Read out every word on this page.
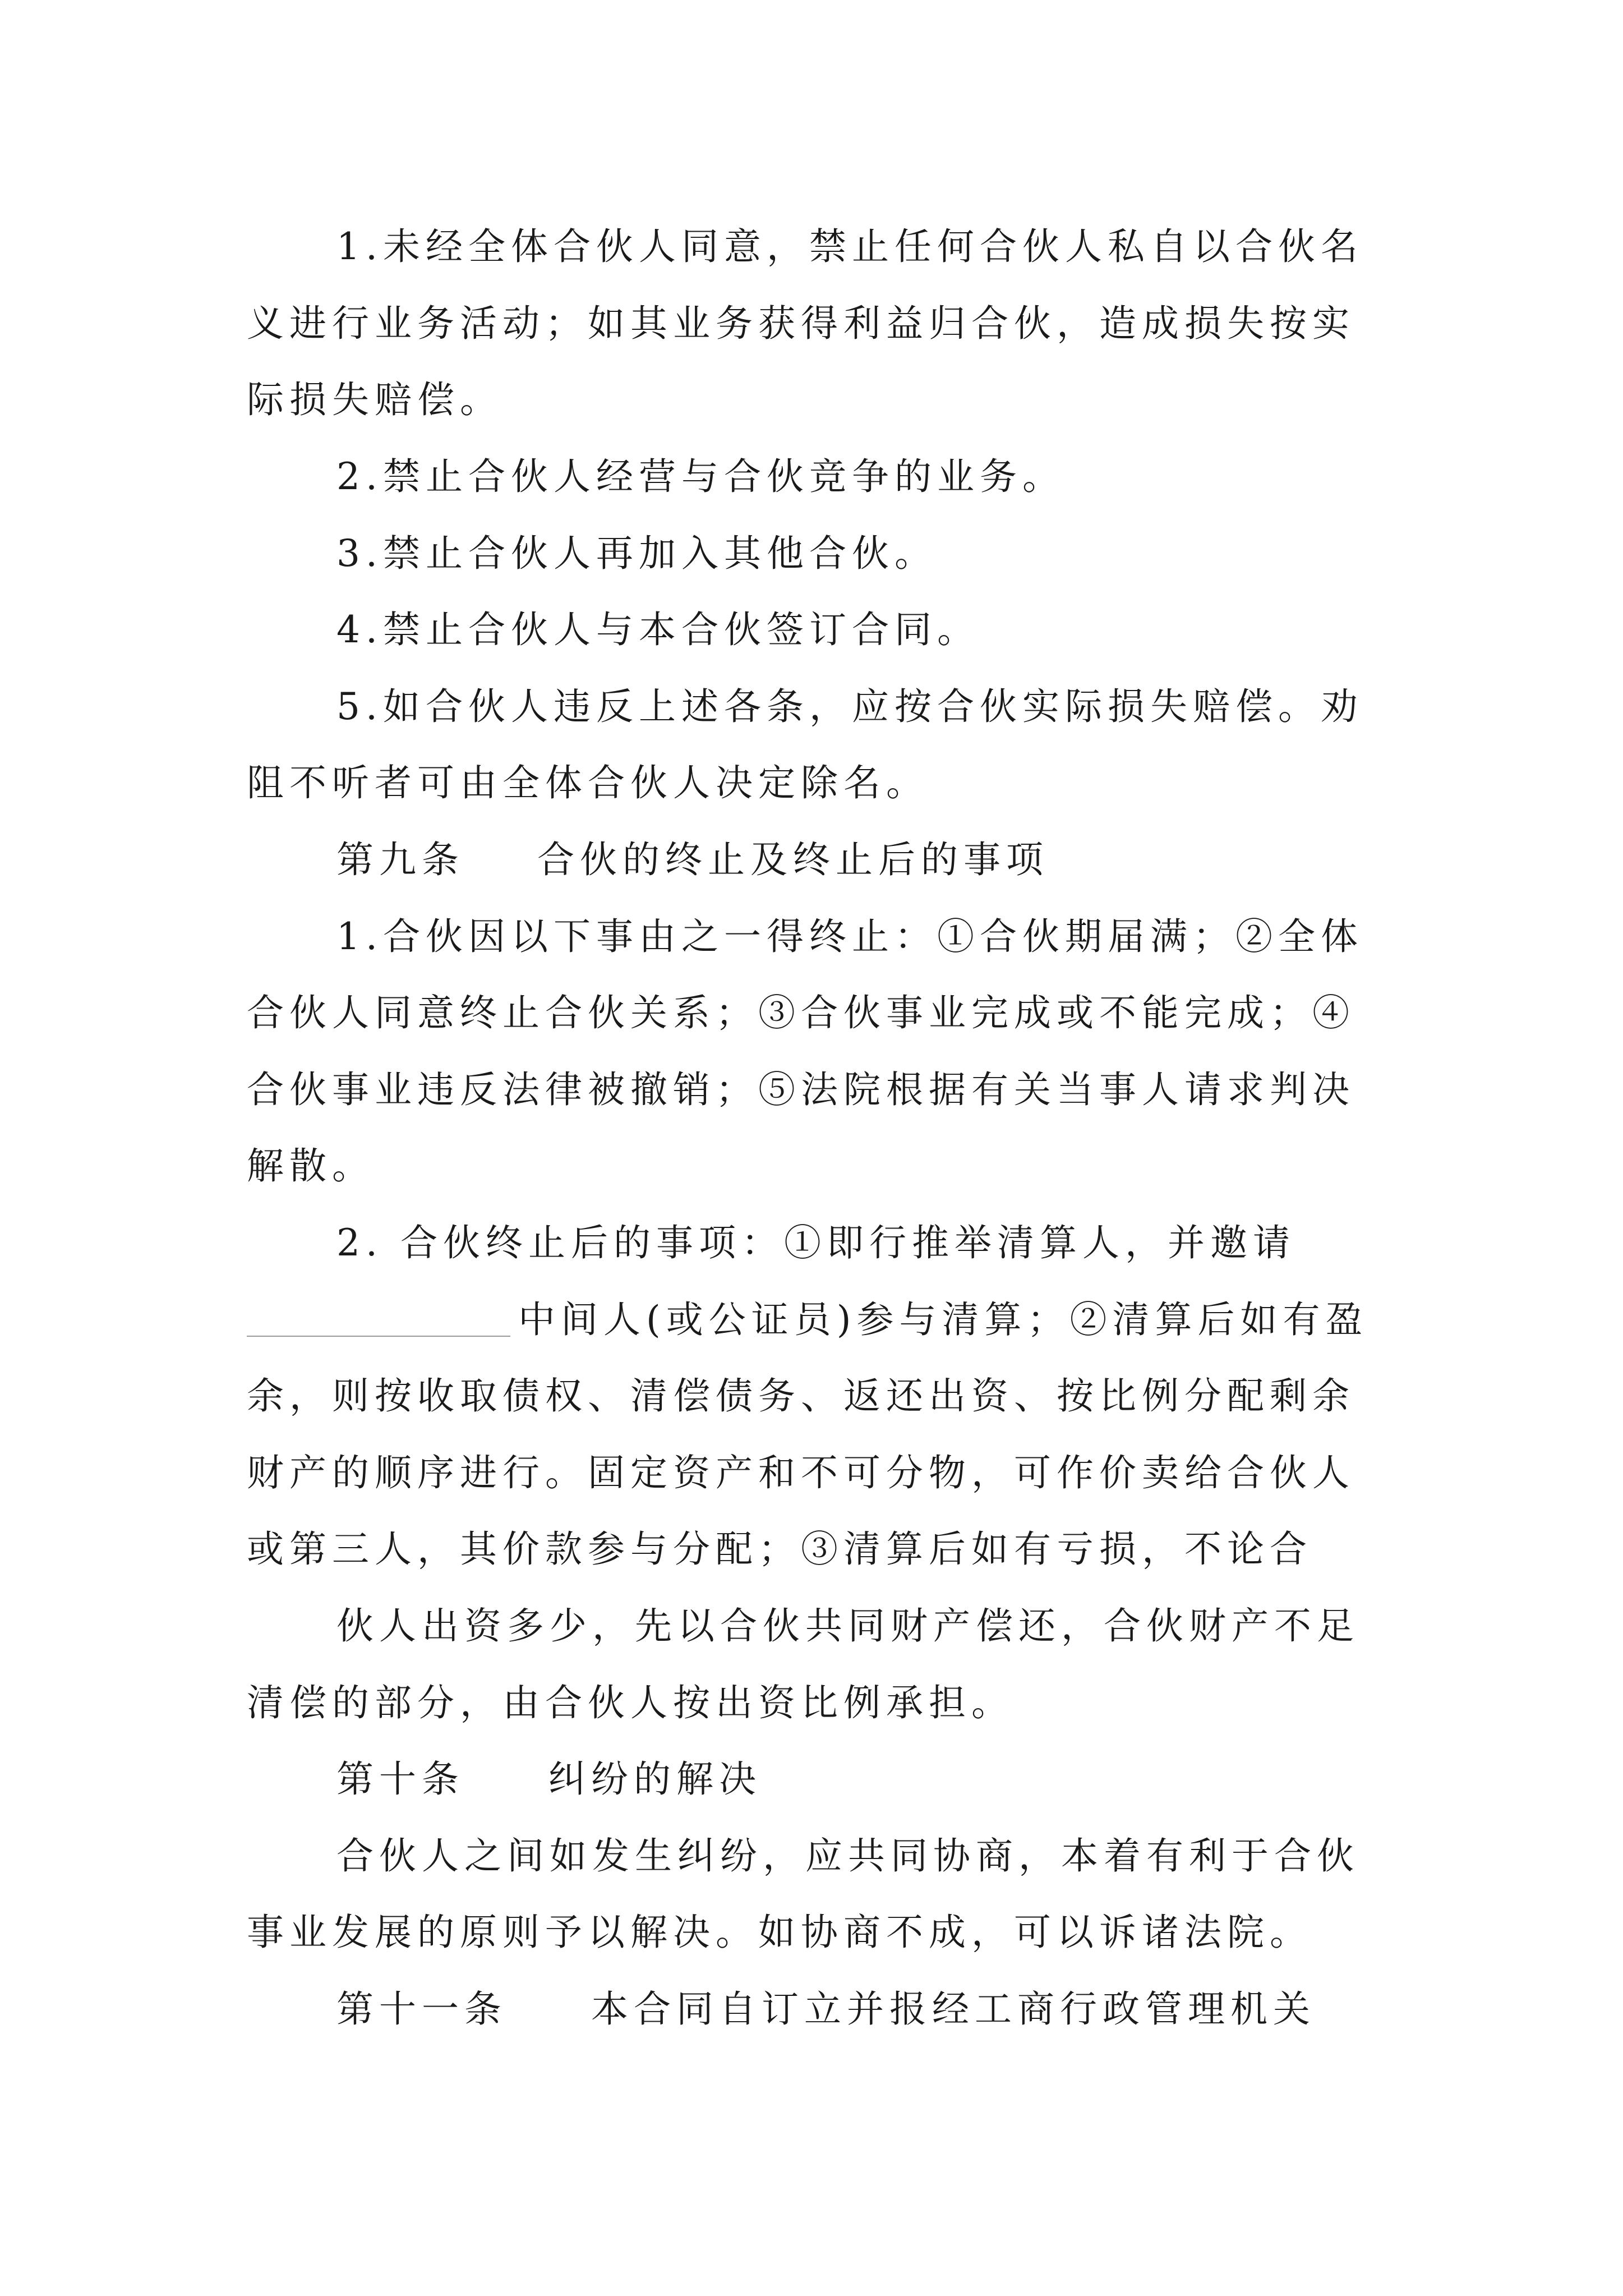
1.未经全体合伙人同意，禁止任何合伙人私自以合伙名
义进行业务活动；如其业务获得利益归合伙，造成损失按实
际损失赔偿。
2.禁止合伙人经营与合伙竞争的业务。
3.禁止合伙人再加入其他合伙。
4.禁止合伙人与本合伙签订合同。
5.如合伙人违反上述各条，应按合伙实际损失赔偿。劝
阻不听者可由全体合伙人决定除名。
第九条 合伙的终止及终止后的事项
1.合伙因以下事由之一得终止：①合伙期届满；②全体
合伙人同意终止合伙关系；③合伙事业完成或不能完成；④
合伙事业违反法律被撤销；⑤法院根据有关当事人请求判决
解散。
2. 合伙终止后的事项：①即行推举清算人，并邀请
中间人(或公证员)参与清算；②清算后如有盈
余，则按收取债权、清偿债务、返还出资、按比例分配剩余
财产的顺序进行。固定资产和不可分物，可作价卖给合伙人
或第三人，其价款参与分配；③清算后如有亏损，不论合
伙人出资多少，先以合伙共同财产偿还，合伙财产不足
清偿的部分，由合伙人按出资比例承担。
第十条 纠纷的解决
合伙人之间如发生纠纷，应共同协商，本着有利于合伙
事业发展的原则予以解决。如协商不成，可以诉诸法院。
第十一条 本合同自订立并报经工商行政管理机关
